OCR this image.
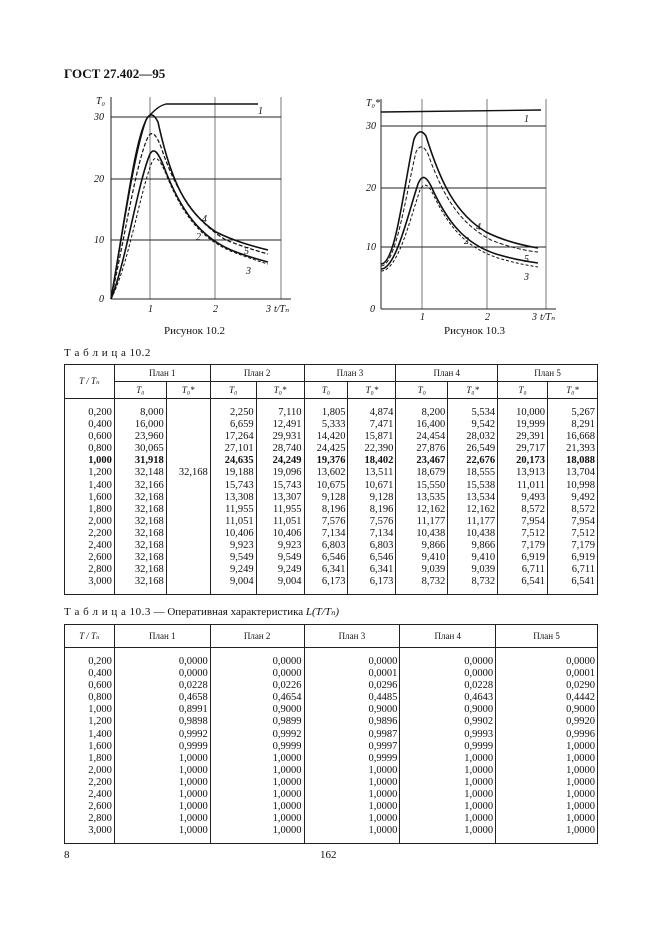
ГОСТ 27.402—95
T₀
0
10
20
30
1	2	3 t/Tₙ
1
2
3
4
5
Рисунок 10.2
T₀*
0
10
20
30
1	2	3 t/Tₙ
1
2
3
4
5
Рисунок 10.3
Т а б л и ц а 10.2
T / Tₙ	План 1		План 2		План 3		План 4		План 5	
	T₀	T₀*	T₀	T₀*	T₀	T₀*	T₀	T₀*	T₀	T₀*

0,200	8,000		2,250	7,110	1,805	4,874	8,200	5,534	10,000	5,267
0,400	16,000		6,659	12,491	5,333	7,471	16,400	9,542	19,999	8,291
0,600	23,960		17,264	29,931	14,420	15,871	24,454	28,032	29,391	16,668
0,800	30,065		27,101	28,740	24,425	22,390	27,876	26,549	29,717	21,393
1,000	31,918		24,635	24,249	19,376	18,402	23,467	22,676	20,173	18,088
1,200	32,148	32,168	19,188	19,096	13,602	13,511	18,679	18,555	13,913	13,704
1,400	32,166		15,743	15,743	10,675	10,671	15,550	15,538	11,011	10,998
1,600	32,168		13,308	13,307	9,128	9,128	13,535	13,534	9,493	9,492
1,800	32,168		11,955	11,955	8,196	8,196	12,162	12,162	8,572	8,572
2,000	32,168		11,051	11,051	7,576	7,576	11,177	11,177	7,954	7,954
2,200	32,168		10,406	10,406	7,134	7,134	10,438	10,438	7,512	7,512
2,400	32,168		9,923	9,923	6,803	6,803	9,866	9,866	7,179	7,179
2,600	32,168		9,549	9,549	6,546	6,546	9,410	9,410	6,919	6,919
2,800	32,168		9,249	9,249	6,341	6,341	9,039	9,039	6,711	6,711
3,000	32,168		9,004	9,004	6,173	6,173	8,732	8,732	6,541	6,541

Т а б л и ц а 10.3 — Оперативная характеристика L(T/Tₙ)
T / Tₙ	План 1	План 2	План 3	План 4	План 5

0,200	0,0000	0,0000	0,0000	0,0000	0,0000
0,400	0,0000	0,0000	0,0001	0,0000	0,0001
0,600	0,0228	0,0226	0,0296	0,0228	0,0290
0,800	0,4658	0,4654	0,4485	0,4643	0,4442
1,000	0,8991	0,9000	0,9000	0,9000	0,9000
1,200	0,9898	0,9899	0,9896	0,9902	0,9920
1,400	0,9992	0,9992	0,9987	0,9993	0,9996
1,600	0,9999	0,9999	0,9997	0,9999	1,0000
1,800	1,0000	1,0000	0,9999	1,0000	1,0000
2,000	1,0000	1,0000	1,0000	1,0000	1,0000
2,200	1,0000	1,0000	1,0000	1,0000	1,0000
2,400	1,0000	1,0000	1,0000	1,0000	1,0000
2,600	1,0000	1,0000	1,0000	1,0000	1,0000
2,800	1,0000	1,0000	1,0000	1,0000	1,0000
3,000	1,0000	1,0000	1,0000	1,0000	1,0000

8	162
